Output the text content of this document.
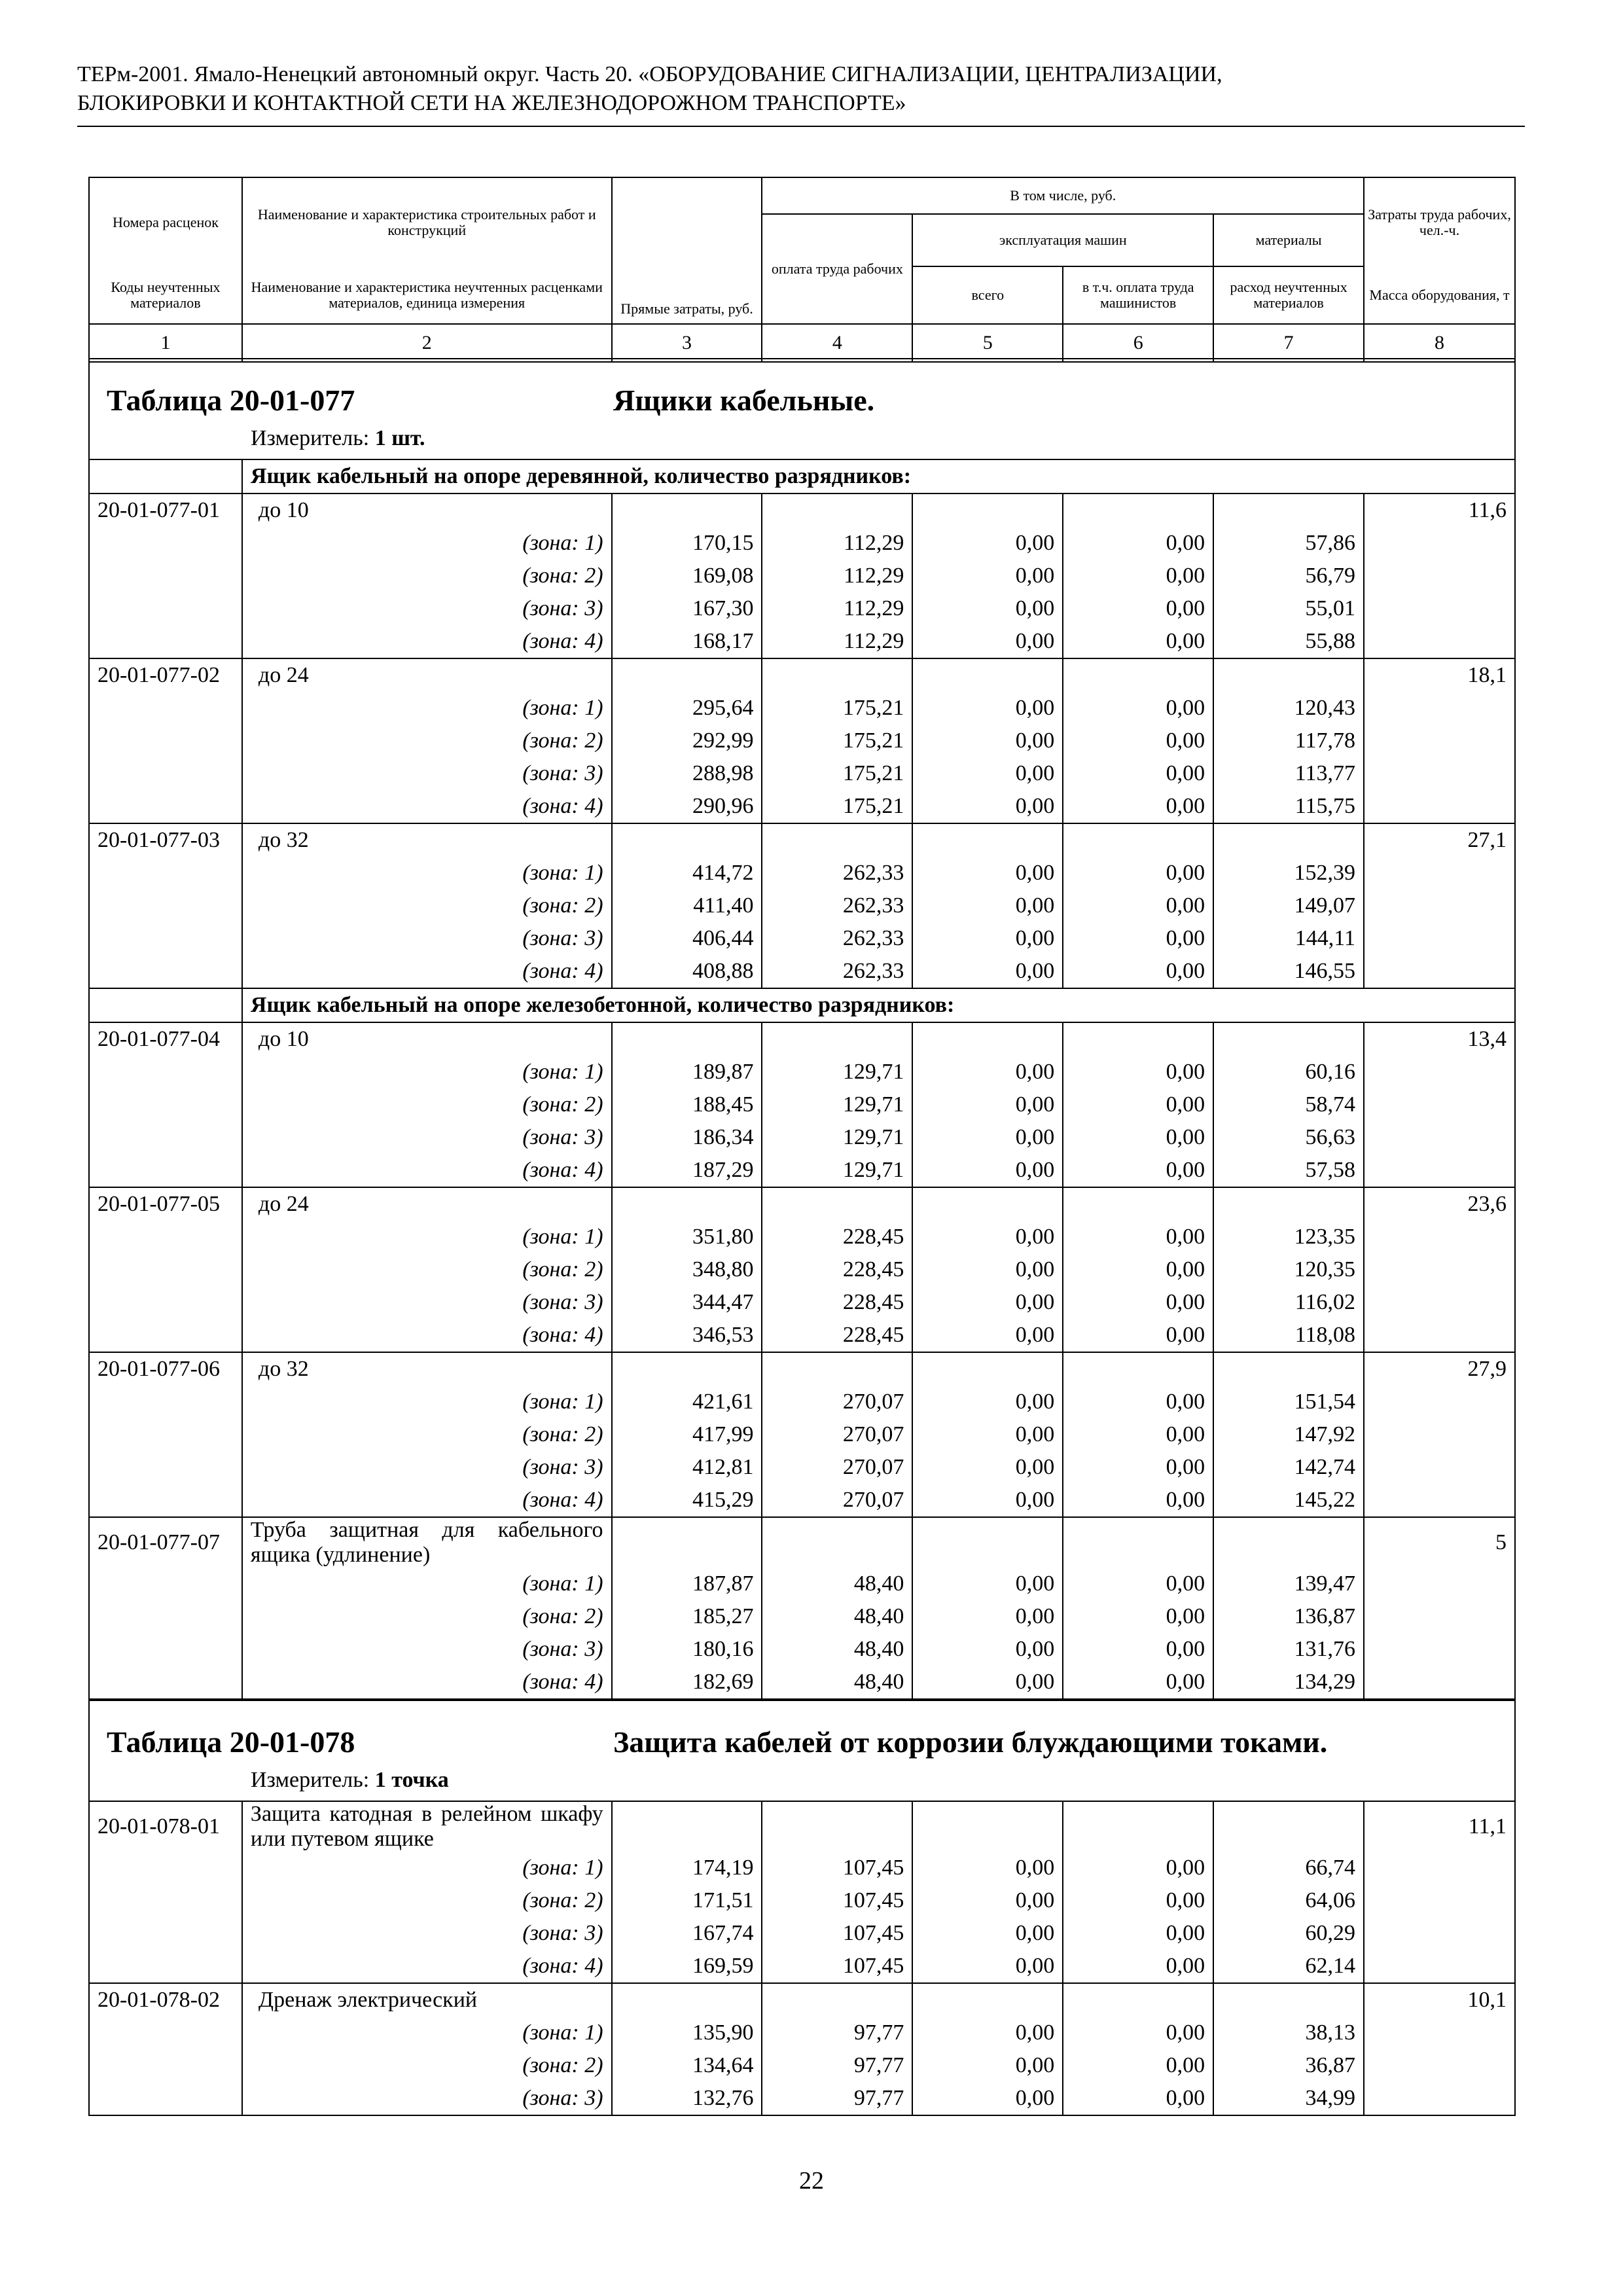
ТЕРм-2001. Ямало-Ненецкий автономный округ. Часть 20. «ОБОРУДОВАНИЕ СИГНАЛИЗАЦИИ, ЦЕНТРАЛИЗАЦИИ,
БЛОКИРОВКИ И КОНТАКТНОЙ СЕТИ НА ЖЕЛЕЗНОДОРОЖНОМ ТРАНСПОРТЕ»
Номера расценок	Наименование и характеристика строительных работ и конструкций	Прямые затраты, руб.	В том числе, руб.				Затраты труда рабочих, чел.-ч.
			оплата труда рабочих	эксплуатация машин		материалы	
Коды неучтенных материалов	Наименование и характеристика неучтенных расценками материалов, единица измерения			всего	в т.ч. оплата труда машинистов	расход неучтенных материалов	Масса оборудования, т
1	2	3	4	5	6	7	8
Таблица 20-01-077	Ящики кабельные.
Измеритель: 1 шт.
	Ящик кабельный на опоре деревянной, количество разрядников:						
20-01-077-01	до 10						11,6
	(зона: 1)	170,15	112,29	0,00	0,00	57,86	
	(зона: 2)	169,08	112,29	0,00	0,00	56,79	
	(зона: 3)	167,30	112,29	0,00	0,00	55,01	
	(зона: 4)	168,17	112,29	0,00	0,00	55,88	
20-01-077-02	до 24						18,1
	(зона: 1)	295,64	175,21	0,00	0,00	120,43	
	(зона: 2)	292,99	175,21	0,00	0,00	117,78	
	(зона: 3)	288,98	175,21	0,00	0,00	113,77	
	(зона: 4)	290,96	175,21	0,00	0,00	115,75	
20-01-077-03	до 32						27,1
	(зона: 1)	414,72	262,33	0,00	0,00	152,39	
	(зона: 2)	411,40	262,33	0,00	0,00	149,07	
	(зона: 3)	406,44	262,33	0,00	0,00	144,11	
	(зона: 4)	408,88	262,33	0,00	0,00	146,55	
	Ящик кабельный на опоре железобетонной, количество разрядников:						
20-01-077-04	до 10						13,4
	(зона: 1)	189,87	129,71	0,00	0,00	60,16	
	(зона: 2)	188,45	129,71	0,00	0,00	58,74	
	(зона: 3)	186,34	129,71	0,00	0,00	56,63	
	(зона: 4)	187,29	129,71	0,00	0,00	57,58	
20-01-077-05	до 24						23,6
	(зона: 1)	351,80	228,45	0,00	0,00	123,35	
	(зона: 2)	348,80	228,45	0,00	0,00	120,35	
	(зона: 3)	344,47	228,45	0,00	0,00	116,02	
	(зона: 4)	346,53	228,45	0,00	0,00	118,08	
20-01-077-06	до 32						27,9
	(зона: 1)	421,61	270,07	0,00	0,00	151,54	
	(зона: 2)	417,99	270,07	0,00	0,00	147,92	
	(зона: 3)	412,81	270,07	0,00	0,00	142,74	
	(зона: 4)	415,29	270,07	0,00	0,00	145,22	
20-01-077-07	Труба защитная для кабельного ящика (удлинение)						5
	(зона: 1)	187,87	48,40	0,00	0,00	139,47	
	(зона: 2)	185,27	48,40	0,00	0,00	136,87	
	(зона: 3)	180,16	48,40	0,00	0,00	131,76	
	(зона: 4)	182,69	48,40	0,00	0,00	134,29	
Таблица 20-01-078	Защита кабелей от коррозии блуждающими токами.
Измеритель: 1 точка
20-01-078-01	Защита катодная в релейном шкафу или путевом ящике						11,1
	(зона: 1)	174,19	107,45	0,00	0,00	66,74	
	(зона: 2)	171,51	107,45	0,00	0,00	64,06	
	(зона: 3)	167,74	107,45	0,00	0,00	60,29	
	(зона: 4)	169,59	107,45	0,00	0,00	62,14	
20-01-078-02	Дренаж электрический						10,1
	(зона: 1)	135,90	97,77	0,00	0,00	38,13	
	(зона: 2)	134,64	97,77	0,00	0,00	36,87	
	(зона: 3)	132,76	97,77	0,00	0,00	34,99	
22
